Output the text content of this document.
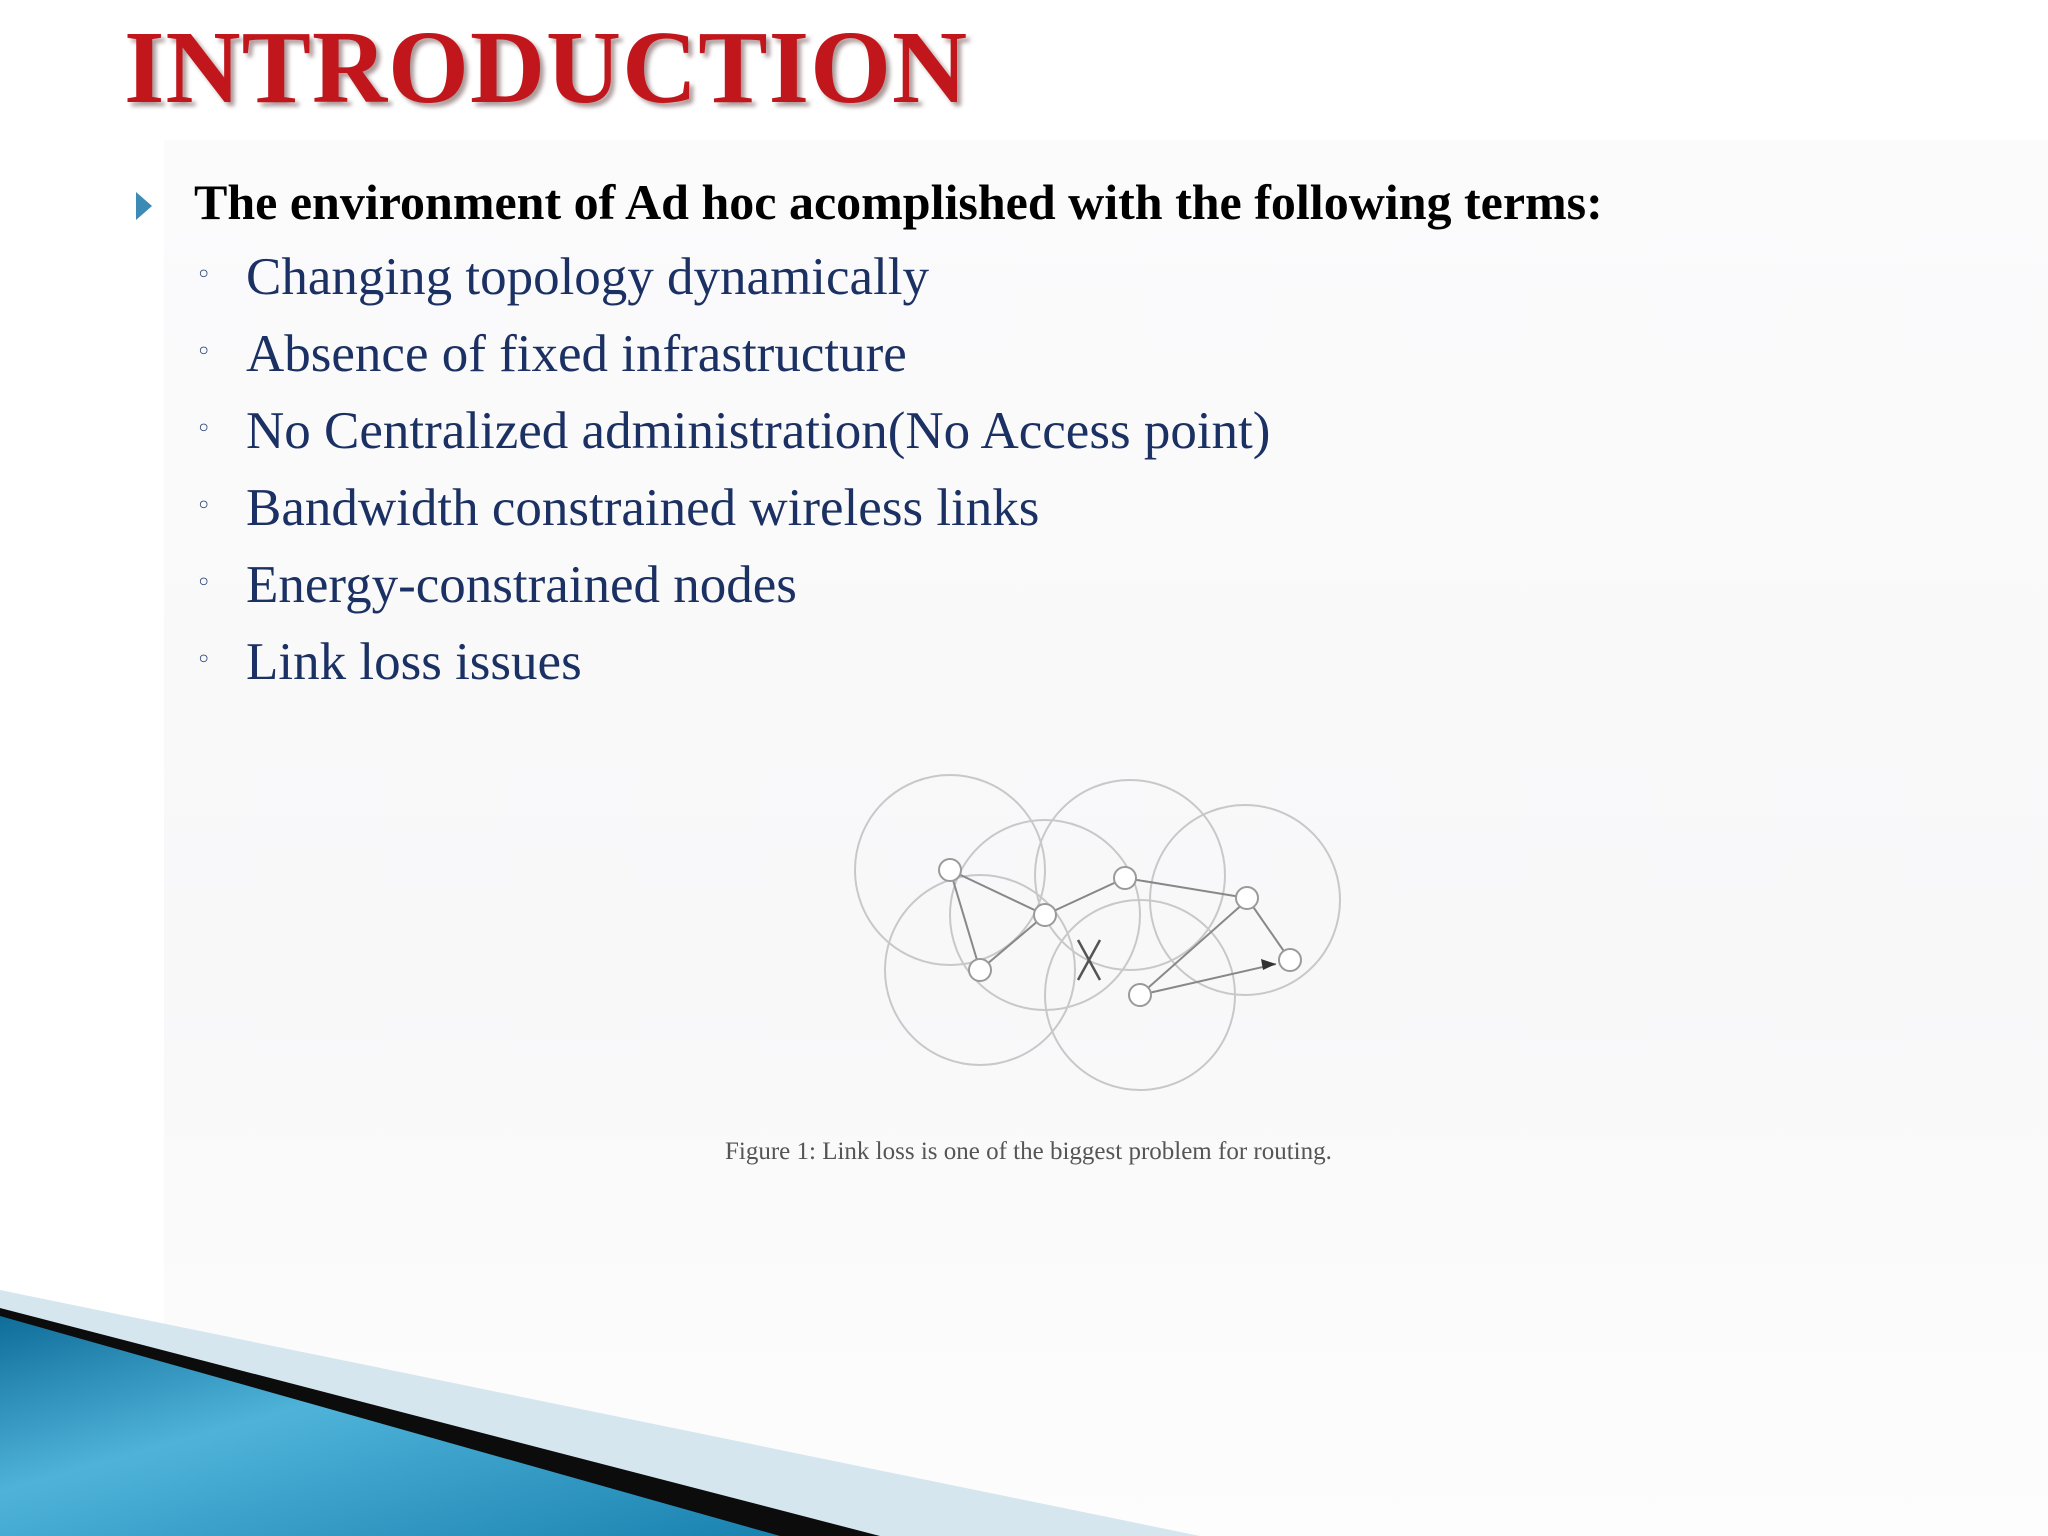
INTRODUCTION
The environment of Ad hoc acomplished with the following terms:
◦ Changing topology dynamically
◦ Absence of fixed infrastructure
◦ No Centralized administration(No Access point)
◦ Bandwidth constrained wireless links
◦ Energy-constrained nodes
◦ Link loss issues
Figure 1: Link loss is one of the biggest problem for routing.
